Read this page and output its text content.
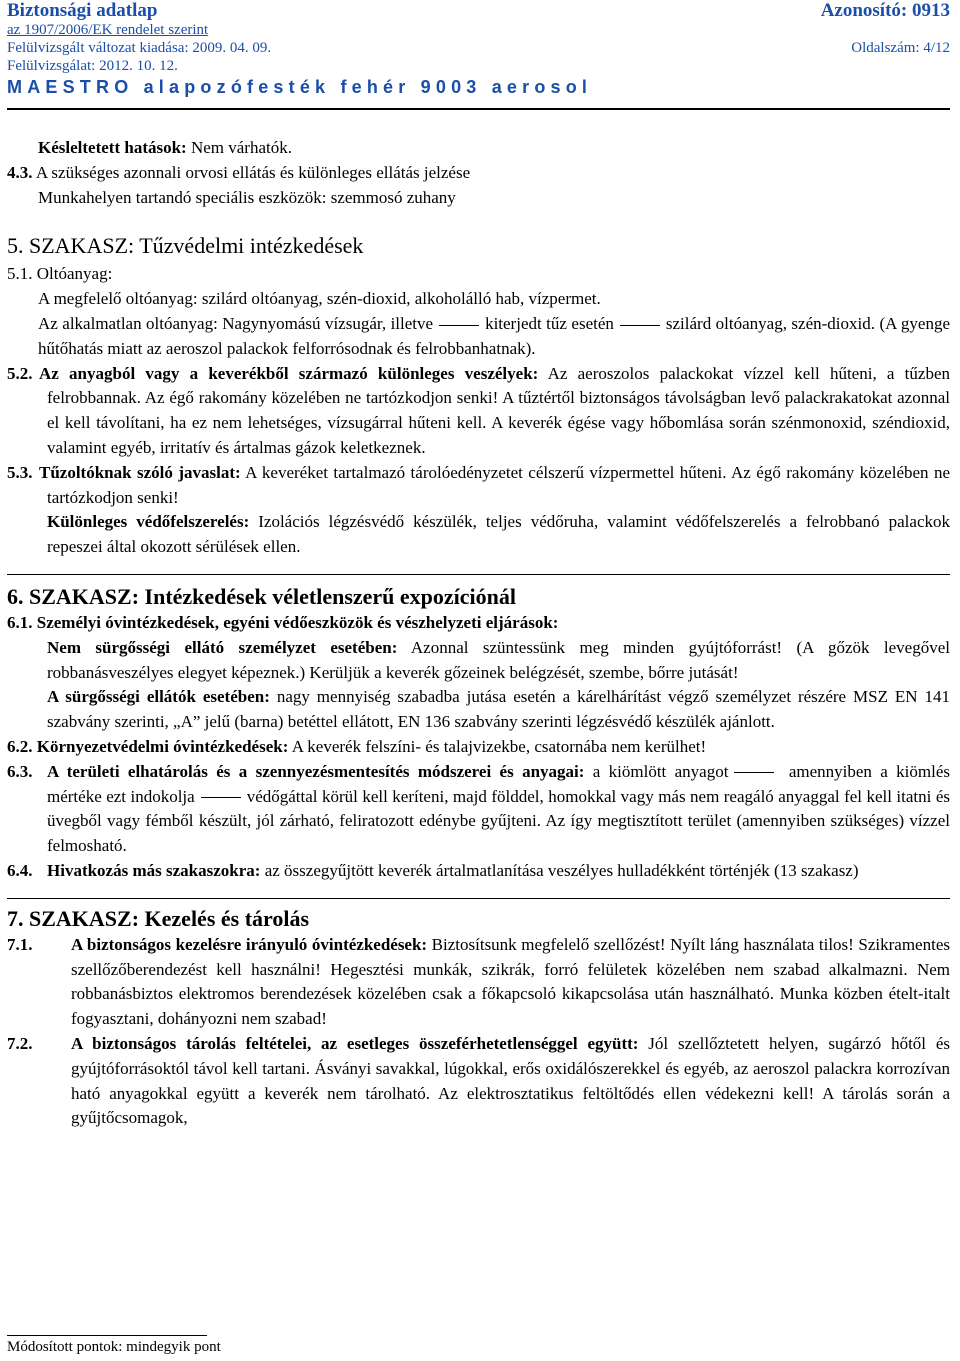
Biztonsági adatlap	Azonosító: 0913
az 1907/2006/EK rendelet szerint
Felülvizsgált változat kiadása: 2009. 04. 09.	Oldalszám: 4/12
Felülvizsgálat: 2012. 10. 12.
MAESTRO alapozófesték fehér 9003 aerosol

Késleltetett hatások: Nem várhatók.

4.3. A szükséges azonnali orvosi ellátás és különleges ellátás jelzése

Munkahelyen tartandó speciális eszközök: szemmosó zuhany

5. SZAKASZ: Tűzvédelmi intézkedések

5.1. Oltóanyag:

A megfelelő oltóanyag: szilárd oltóanyag, szén-dioxid, alkoholálló hab, vízpermet.

Az alkalmatlan oltóanyag: Nagynyomású vízsugár, illetve	kiterjedt tűz esetén	szilárd oltóanyag, szén-dioxid. (A gyenge hűtőhatás miatt az aeroszol palackok felforrósodnak és felrobbanhatnak).

5.2. Az anyagból vagy a keverékből származó különleges veszélyek: Az aeroszolos palackokat vízzel kell hűteni, a tűzben felrobbannak. Az égő rakomány közelében ne tartózkodjon senki! A tűztértől biztonságos távolságban levő palackrakatokat azonnal el kell távolítani, ha ez nem lehetséges, vízsugárral hűteni kell. A keverék égése vagy hőbomlása során szénmonoxid, széndioxid, valamint egyéb, irritatív és ártalmas gázok keletkeznek.

5.3. Tűzoltóknak szóló javaslat: A keveréket tartalmazó tárolóedényzetet célszerű vízpermettel hűteni. Az égő rakomány közelében ne tartózkodjon senki!

Különleges védőfelszerelés: Izolációs légzésvédő készülék, teljes védőruha, valamint védőfelszerelés a felrobbanó palackok repeszei által okozott sérülések ellen.

6. SZAKASZ: Intézkedések véletlenszerű expozíciónál

6.1. Személyi óvintézkedések, egyéni védőeszközök és vészhelyzeti eljárások:

Nem sürgősségi ellátó személyzet esetében: Azonnal szüntessünk meg minden gyújtóforrást! (A gőzök levegővel robbanásveszélyes elegyet képeznek.) Kerüljük a keverék gőzeinek belégzését, szembe, bőrre jutását!

A sürgősségi ellátók esetében: nagy mennyiség szabadba jutása esetén a kárelhárítást végző személyzet részére MSZ EN 141 szabvány szerinti, „A” jelű (barna) betéttel ellátott, EN 136 szabvány szerinti légzésvédő készülék ajánlott.

6.2. Környezetvédelmi óvintézkedések: A keverék felszíni- és talajvizekbe, csatornába nem kerülhet!

6.3. A területi elhatárolás és a szennyezésmentesítés módszerei és anyagai: a kiömlött anyagot	amennyiben a kiömlés mértéke ezt indokolja	védőgáttal körül kell keríteni, majd földdel, homokkal vagy más nem reagáló anyaggal fel kell itatni és üvegből vagy fémből készült, jól zárható, feliratozott edénybe gyűjteni. Az így megtisztított terület (amennyiben szükséges) vízzel felmosható.

6.4. Hivatkozás más szakaszokra: az összegyűjtött keverék ártalmatlanítása veszélyes hulladékként történjék (13 szakasz)

7. SZAKASZ: Kezelés és tárolás

7.1. A biztonságos kezelésre irányuló óvintézkedések: Biztosítsunk megfelelő szellőzést! Nyílt láng használata tilos! Szikramentes szellőzőberendezést kell használni! Hegesztési munkák, szikrák, forró felületek közelében nem szabad alkalmazni. Nem robbanásbiztos elektromos berendezések közelében csak a főkapcsoló kikapcsolása után használható. Munka közben ételt-italt fogyasztani, dohányozni nem szabad!

7.2. A biztonságos tárolás feltételei, az esetleges összeférhetetlenséggel együtt: Jól szellőztetett helyen, sugárzó hőtől és gyújtóforrásoktól távol kell tartani. Ásványi savakkal, lúgokkal, erős oxidálószerekkel és egyéb, az aeroszol palackra korrozívan ható anyagokkal együtt a keverék nem tárolható. Az elektrosztatikus feltöltődés ellen védekezni kell! A tárolás során a gyűjtőcsomagok,

Módosított pontok: mindegyik pont
